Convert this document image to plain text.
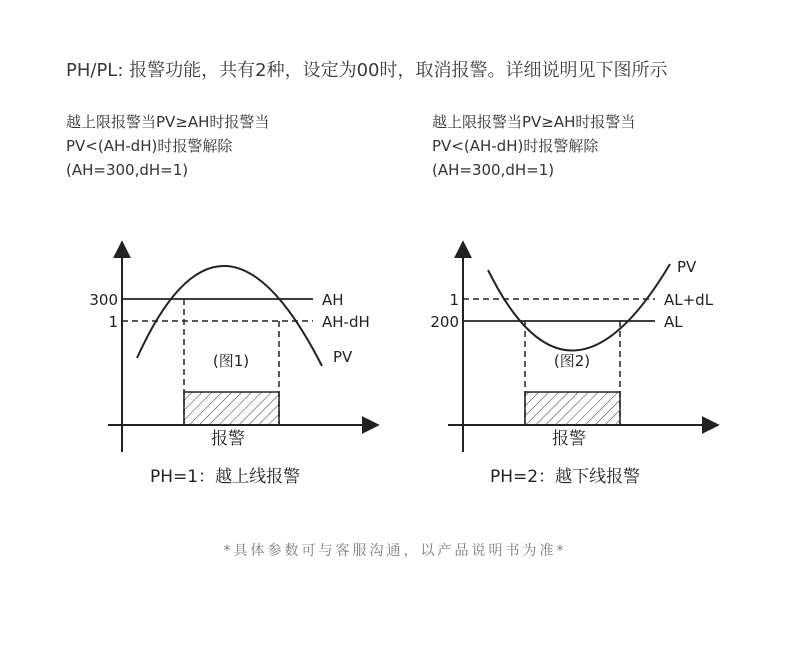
PH/PL: 报警功能，共有2种，设定为00时，取消报警。详细说明见下图所示
越上限报警当PV≥AH时报警当
PV<(AH-dH)时报警解除
(AH=300,dH=1)
越上限报警当PV≥AH时报警当
PV<(AH-dH)时报警解除
(AH=300,dH=1)
300
1
AH
AH-dH
PV
(图1)
报警
1
200
AL+dL
AL
PV
(图2)
报警
PH=1：越上线报警	PH=2：越下线报警
*具体参数可与客服沟通，以产品说明书为准*
